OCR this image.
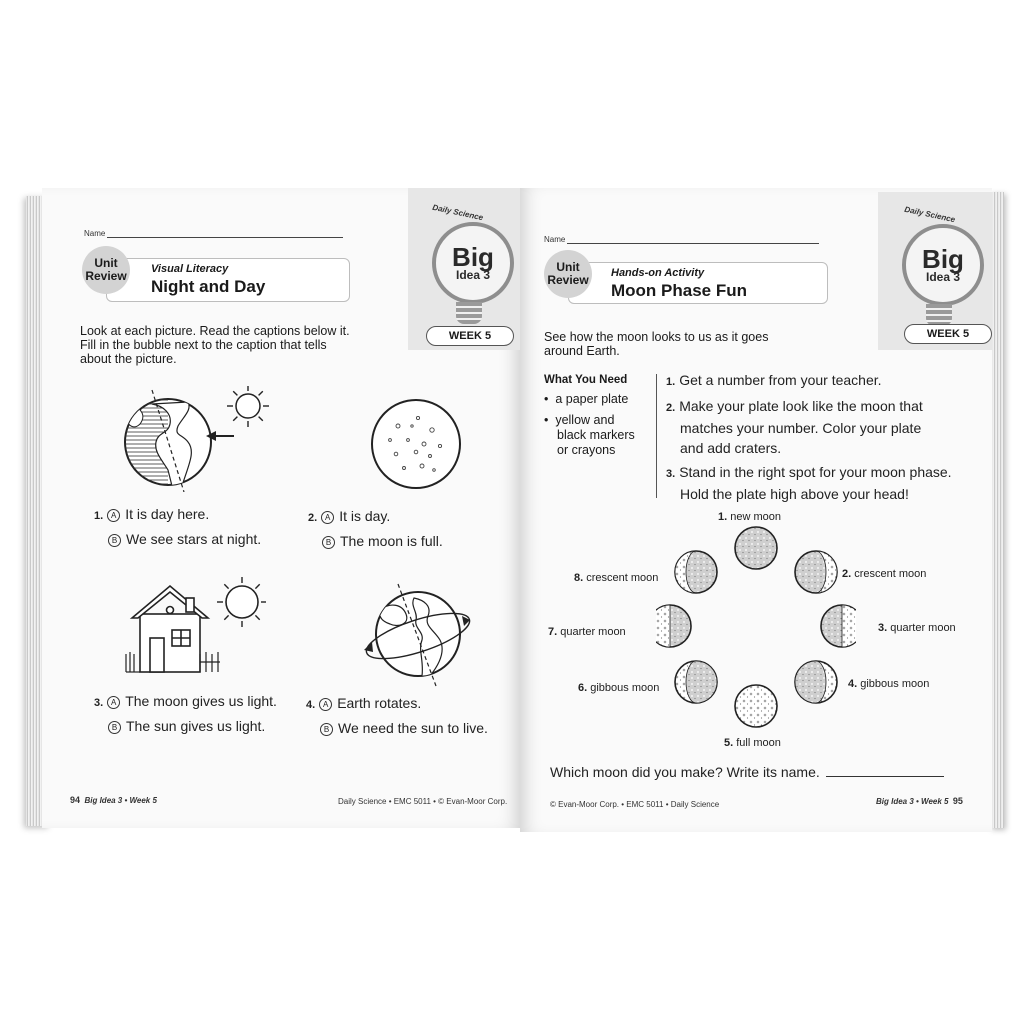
Name
Visual Literacy
Night and Day
Unit
Review
Daily Science
Big
Idea 3
WEEK 5
Look at each picture. Read the captions below it.
Fill in the bubble next to the caption that tells
about the picture.
1. A It is day here.
B We see stars at night.
2. A It is day.
B The moon is full.
3. A The moon gives us light.
B The sun gives us light.
4. A Earth rotates.
B We need the sun to live.
94 Big Idea 3 • Week 5	Daily Science • EMC 5011 • © Evan-Moor Corp.
Name
Hands-on Activity
Moon Phase Fun
Unit
Review
Daily Science
Big
Idea 3
WEEK 5
See how the moon looks to us as it goes
around Earth.
What You Need
•  a paper plate
•  yellow and
black markers
or crayons
1. Get a number from your teacher.
2. Make your plate look like the moon that
matches your number. Color your plate
and add craters.
3. Stand in the right spot for your moon phase.
Hold the plate high above your head!
1. new moon
2. crescent moon
3. quarter moon
4. gibbous moon
5. full moon
6. gibbous moon
7. quarter moon
8. crescent moon
Which moon did you make? Write its name.
© Evan-Moor Corp. • EMC 5011 • Daily Science	Big Idea 3 • Week 5 95
